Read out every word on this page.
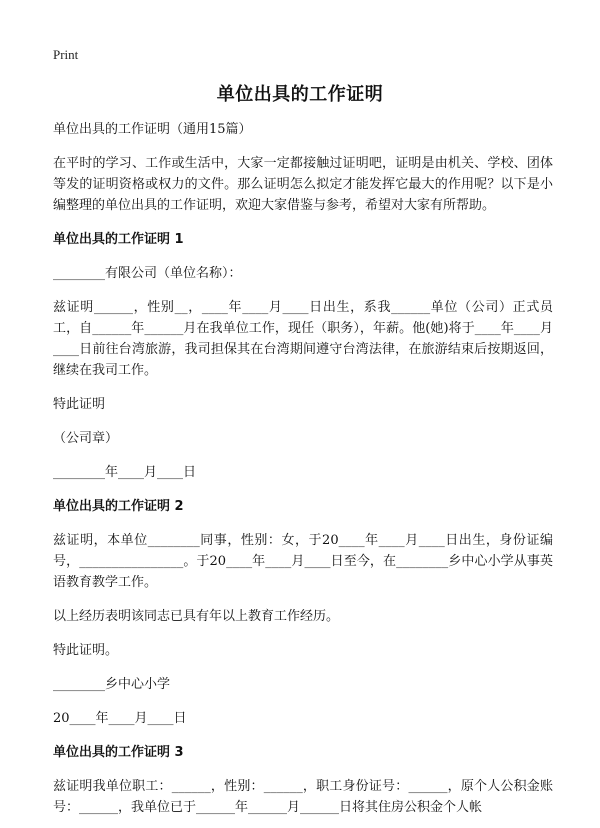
Print
单位出具的工作证明

单位出具的工作证明（通用15篇）

在平时的学习、工作或生活中，大家一定都接触过证明吧，证明是由机关、学校、团体等发的证明资格或权力的文件。那么证明怎么拟定才能发挥它最大的作用呢？以下是小编整理的单位出具的工作证明，欢迎大家借鉴与参考，希望对大家有所帮助。

单位出具的工作证明 1

________有限公司（单位名称）：

兹证明______，性别__，____年____月____日出生，系我______单位（公司）正式员工，自______年______月在我单位工作，现任（职务），年薪。他(她)将于____年____月____日前往台湾旅游，我司担保其在台湾期间遵守台湾法律，在旅游结束后按期返回，继续在我司工作。

特此证明

（公司章）

________年____月____日

单位出具的工作证明 2

兹证明，本单位________同事，性别：女，于20____年____月____日出生，身份证编号，________________。于20____年____月____日至今，在________乡中心小学从事英语教育教学工作。

以上经历表明该同志已具有年以上教育工作经历。

特此证明。

________乡中心小学

20____年____月____日

单位出具的工作证明 3

兹证明我单位职工：______，性别：______，职工身份证号：______，原个人公积金账号：______，我单位已于______年______月______日将其住房公积金个人帐
